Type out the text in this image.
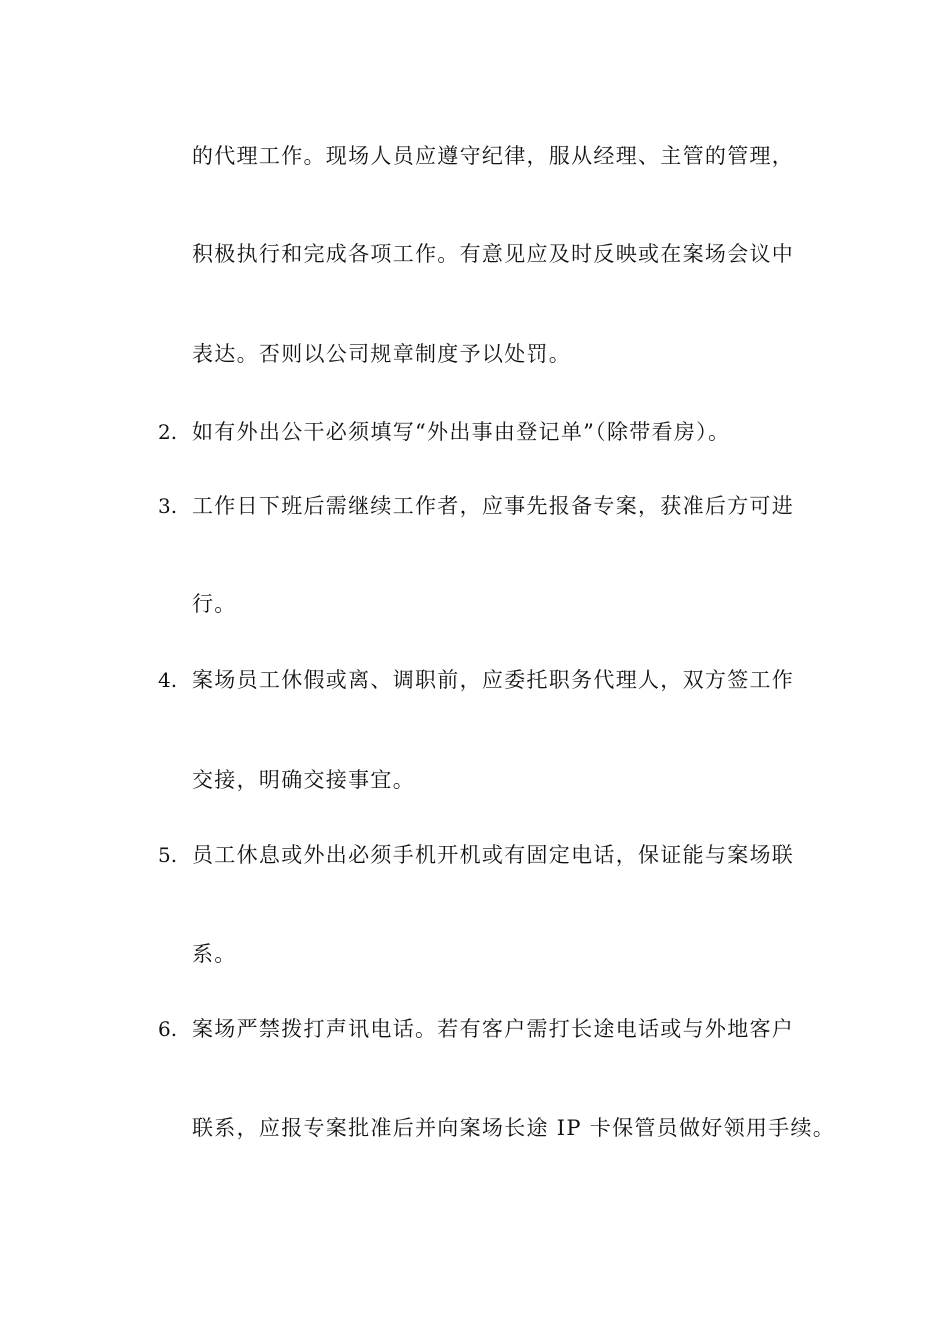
的代理工作。现场人员应遵守纪律，服从经理、主管的管理，
积极执行和完成各项工作。有意见应及时反映或在案场会议中
表达。否则以公司规章制度予以处罚。
2. 如有外出公干必须填写“外出事由登记单”（除带看房）。
3. 工作日下班后需继续工作者，应事先报备专案，获准后方可进
行。
4. 案场员工休假或离、调职前，应委托职务代理人，双方签工作
交接，明确交接事宜。
5. 员工休息或外出必须手机开机或有固定电话，保证能与案场联
系。
6. 案场严禁拨打声讯电话。若有客户需打长途电话或与外地客户
联系，应报专案批准后并向案场长途 IP 卡保管员做好领用手续。
